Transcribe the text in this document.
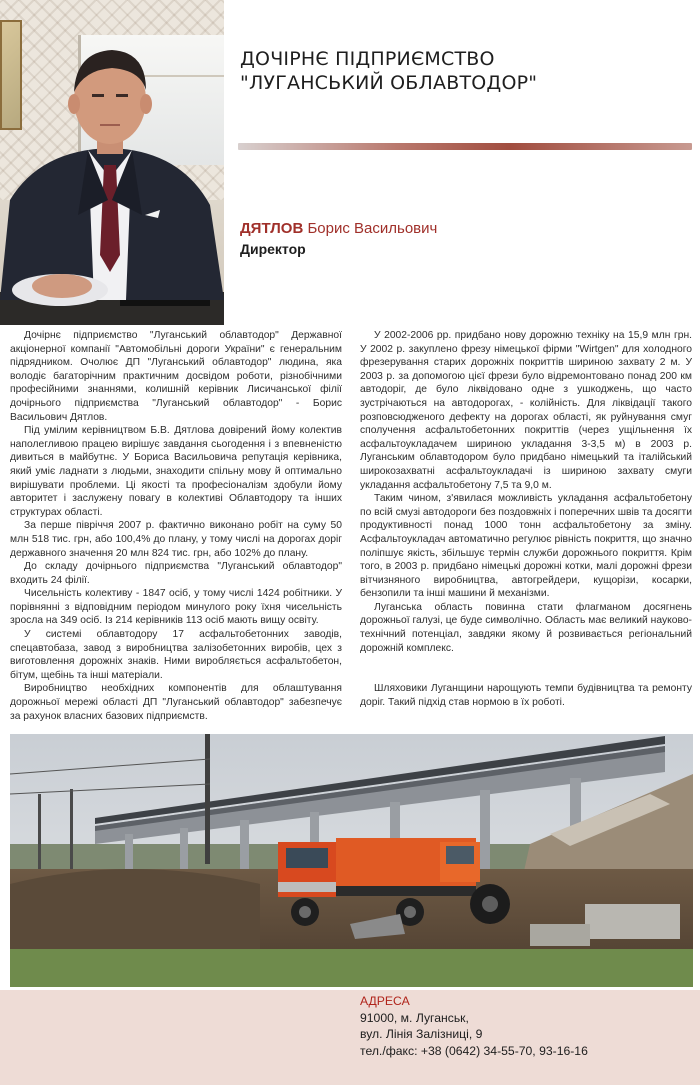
ДОЧІРНЄ ПІДПРИЄМСТВО
"ЛУГАНСЬКИЙ ОБЛАВТОДОР"
ДЯТЛОВ Борис Васильович
Директор

Дочірнє підприємство "Луганський облавтодор" Державної акціонерної компанії "Автомобільні дороги України" є генеральним підрядником. Очолює ДП "Луганський облавтодор" людина, яка володіє багаторічним практичним досвідом роботи, різнобічними професійними знаннями, колишній керівник Лисичанської філії дочірнього підприємства "Луганський облавтодор" - Борис Васильович Дятлов.

Під умілим керівництвом Б.В. Дятлова довірений йому колектив наполегливою працею вирішує завдання сьогодення і з впевненістю дивиться в майбутнє. У Бориса Васильовича репутація керівника, який уміє ладнати з людьми, знаходити спільну мову й оптимально вирішувати проблеми. Ці якості та професіоналізм здобули йому авторитет і заслужену повагу в колективі Облавтодору та інших структурах області.

За перше півріччя 2007 р. фактично виконано робіт на суму 50 млн 518 тис. грн, або 100,4% до плану, у тому числі на дорогах доріг державного значення 20 млн 824 тис. грн, або 102% до плану.

До складу дочірнього підприємства "Луганський облавтодор" входить 24 філії.

Чисельність колективу - 1847 осіб, у тому числі 1424 робітники. У порівнянні з відповідним періодом минулого року їхня чисельність зросла на 349 осіб. Із 214 керівників 113 осіб мають вищу освіту.

У системі облавтодору 17 асфальтобетонних заводів, спецавтобаза, завод з виробництва залізобетонних виробів, цех з виготовлення дорожніх знаків. Ними виробляється асфальтобетон, бітум, щебінь та інші матеріали.

Виробництво необхідних компонентів для облаштування дорожньої мережі області ДП "Луганський облавтодор" забезпечує за рахунок власних базових підприємств.

У 2002-2006 рр. придбано нову дорожню техніку на 15,9 млн грн. У 2002 р. закуплено фрезу німецької фірми "Wirtgen" для холодного фрезерування старих дорожніх покриттів шириною захвату 2 м. У 2003 р. за допомогою цієї фрези було відремонтовано понад 200 км автодоріг, де було ліквідовано одне з ушкоджень, що часто зустрічаються на автодорогах, - колійність. Для ліквідації такого розповсюдженого дефекту на дорогах області, як руйнування смуг сполучення асфальтобетонних покриттів (через ущільнення їх асфальтоукладачем шириною укладання 3-3,5 м) в 2003 р. Луганським облавтодором було придбано німецький та італійський широкозахватні асфальтоукладачі із шириною захвату смуги укладання асфальтобетону 7,5 та 9,0 м.

Таким чином, з'явилася можливість укладання асфальтобетону по всій смузі автодороги без поздовжніх і поперечних швів та досягти продуктивності понад 1000 тонн асфальтобетону за зміну. Асфальтоукладач автоматично регулює рівність покриття, що значно поліпшує якість, збільшує термін служби дорожнього покриття. Крім того, в 2003 р. придбано німецькі дорожні котки, малі дорожні фрези вітчизняного виробництва, автогрейдери, кущорізи, косарки, бензопили та інші машини й механізми.

Луганська область повинна стати флагманом досягнень дорожньої галузі, це буде символічно. Область має великий науково-технічний потенціал, завдяки якому й розвивається регіональний дорожній комплекс.

Шляховики Луганщини нарощують темпи будівництва та ремонту доріг. Такий підхід став нормою в їх роботі.

АДРЕСА
91000, м. Луганськ,
вул. Лінія Залізниці, 9
тел./факс: +38 (0642) 34-55-70, 93-16-16
